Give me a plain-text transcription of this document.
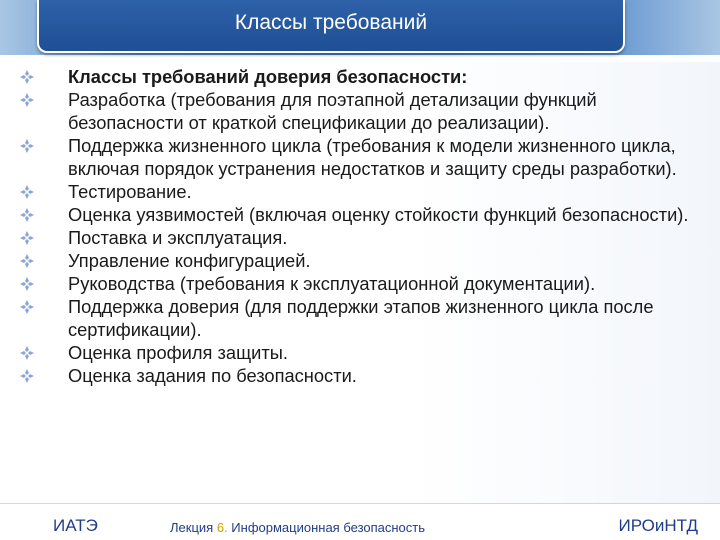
Классы требований
Классы требований доверия безопасности:
Разработка (требования для поэтапной детализации функций безопасности от краткой спецификации до реализации).
Поддержка жизненного цикла (требования к модели жизненного цикла, включая порядок устранения недостатков и защиту среды разработки).
Тестирование.
Оценка уязвимостей (включая оценку стойкости функций безопасности).
Поставка и эксплуатация.
Управление конфигурацией.
Руководства (требования к эксплуатационной документации).
Поддержка доверия (для поддержки этапов жизненного цикла после сертификации).
Оценка профиля защиты.
Оценка задания по безопасности.
ИАТЭ	Лекция 6. Информационная безопасность	ИРОиНТД
